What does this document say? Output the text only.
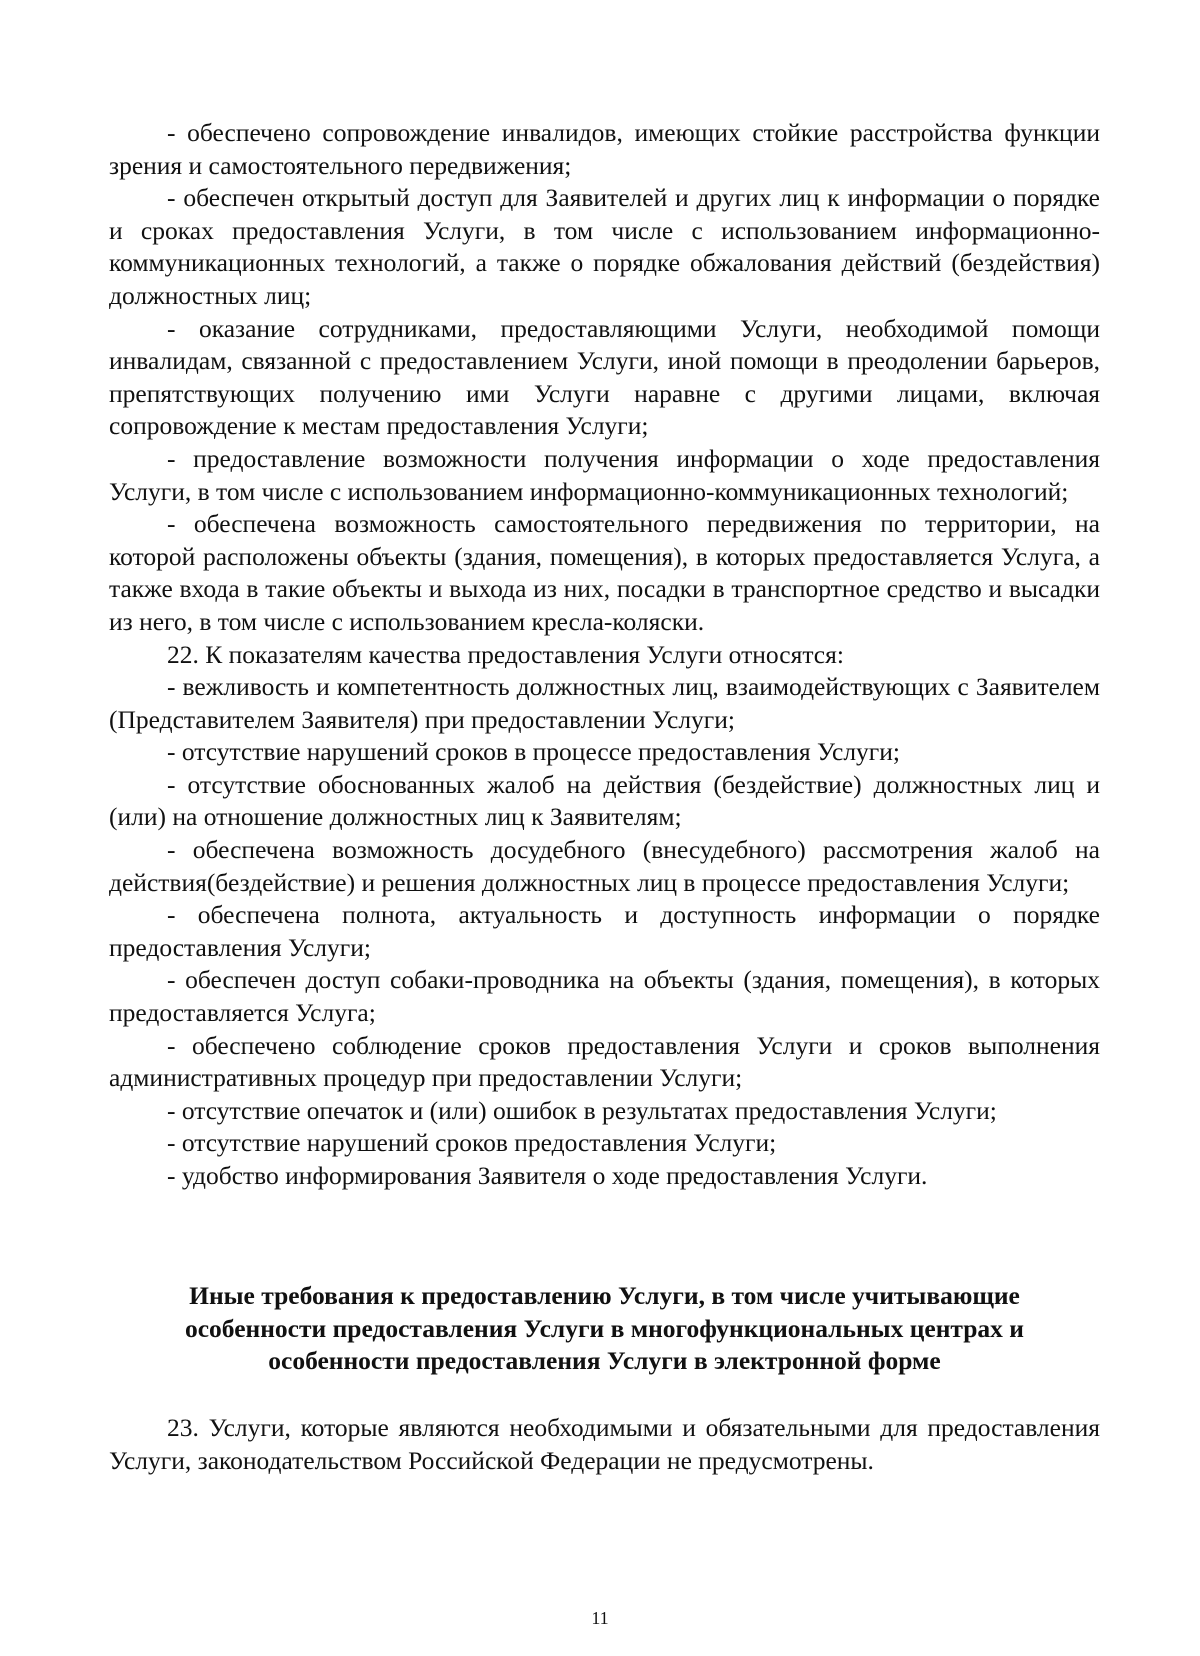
- обеспечено сопровождение инвалидов, имеющих стойкие расстройства функции зрения и самостоятельного передвижения;

- обеспечен открытый доступ для Заявителей и других лиц к информации о порядке и сроках предоставления Услуги, в том числе с использованием информационно-коммуникационных технологий, а также о порядке обжалования действий (бездействия) должностных лиц;

- оказание сотрудниками, предоставляющими Услуги, необходимой помощи инвалидам, связанной с предоставлением Услуги, иной помощи в преодолении барьеров, препятствующих получению ими Услуги наравне с другими лицами, включая сопровождение к местам предоставления Услуги;

- предоставление возможности получения информации о ходе предоставления Услуги, в том числе с использованием информационно-коммуникационных технологий;

- обеспечена возможность самостоятельного передвижения по территории, на которой расположены объекты (здания, помещения), в которых предоставляется Услуга, а также входа в такие объекты и выхода из них, посадки в транспортное средство и высадки из него, в том числе с использованием кресла-коляски.

22. К показателям качества предоставления Услуги относятся:

- вежливость и компетентность должностных лиц, взаимодействующих с Заявителем (Представителем Заявителя) при предоставлении Услуги;

- отсутствие нарушений сроков в процессе предоставления Услуги;

- отсутствие обоснованных жалоб на действия (бездействие) должностных лиц и (или) на отношение должностных лиц к Заявителям;

- обеспечена возможность досудебного (внесудебного) рассмотрения жалоб на действия(бездействие) и решения должностных лиц в процессе предоставления Услуги;

- обеспечена полнота, актуальность и доступность информации о порядке предоставления Услуги;

- обеспечен доступ собаки-проводника на объекты (здания, помещения), в которых предоставляется Услуга;

- обеспечено соблюдение сроков предоставления Услуги и сроков выполнения административных процедур при предоставлении Услуги;

- отсутствие опечаток и (или) ошибок в результатах предоставления Услуги;

- отсутствие нарушений сроков предоставления Услуги;

- удобство информирования Заявителя о ходе предоставления Услуги.

Иные требования к предоставлению Услуги, в том числе учитывающие
особенности предоставления Услуги в многофункциональных центрах и
особенности предоставления Услуги в электронной форме

23. Услуги, которые являются необходимыми и обязательными для предоставления Услуги, законодательством Российской Федерации не предусмотрены.

11
